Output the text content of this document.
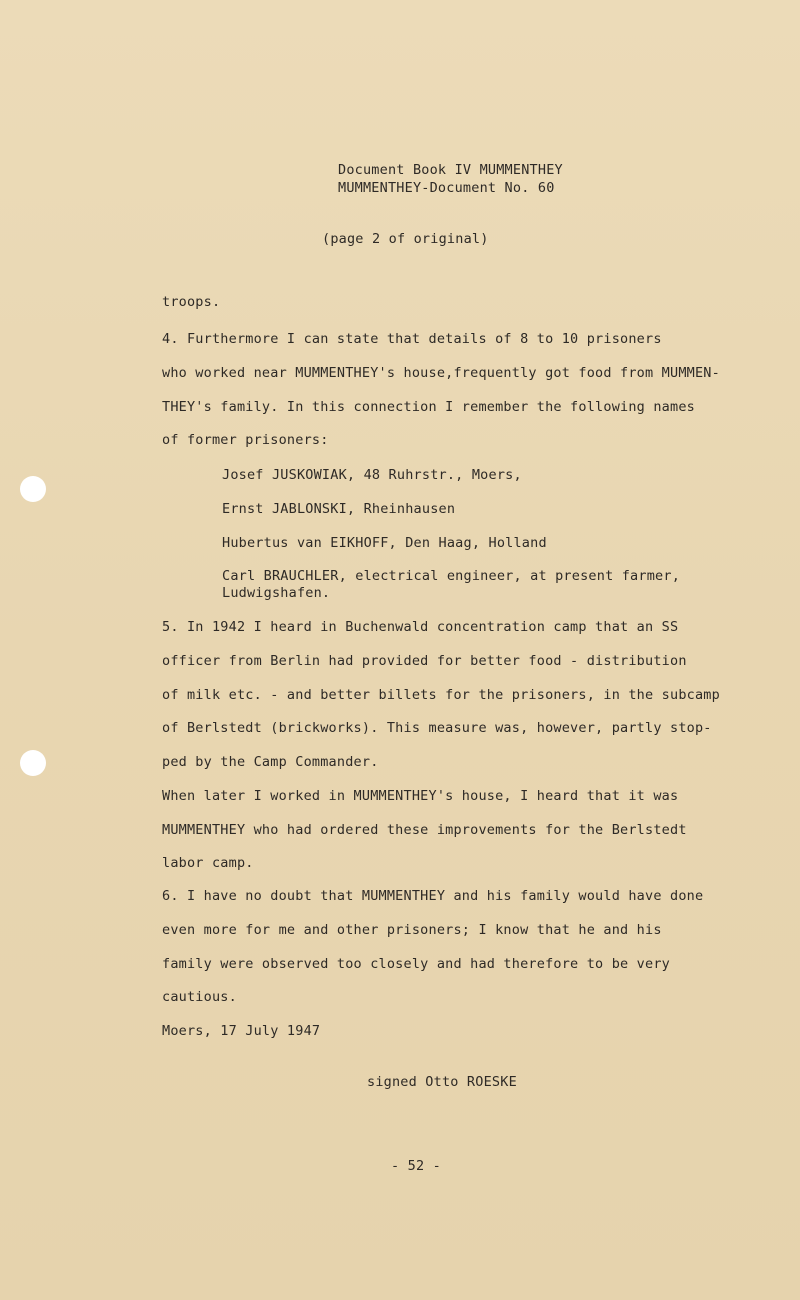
Document Book IV MUMMENTHEY
MUMMENTHEY-Document No. 60
(page 2 of original)
troops.
4. Furthermore I can state that details of 8 to 10 prisoners
who worked near MUMMENTHEY's house,frequently got food from MUMMEN-
THEY's family. In this connection I remember the following names
of former prisoners:
Josef JUSKOWIAK, 48 Ruhrstr., Moers,
Ernst JABLONSKI, Rheinhausen
Hubertus van EIKHOFF, Den Haag, Holland
Carl BRAUCHLER, electrical engineer, at present farmer,
Ludwigshafen.
5. In 1942 I heard in Buchenwald concentration camp that an SS
officer from Berlin had provided for better food - distribution
of milk etc. - and better billets for the prisoners, in the subcamp
of Berlstedt (brickworks). This measure was, however, partly stop-
ped by the Camp Commander.
When later I worked in MUMMENTHEY's house, I heard that it was
MUMMENTHEY who had ordered these improvements for the Berlstedt
labor camp.
6. I have no doubt that MUMMENTHEY and his family would have done
even more for me and other prisoners; I know that he and his
family were observed too closely and had therefore to be very
cautious.
Moers, 17 July 1947
signed Otto ROESKE
- 52 -
